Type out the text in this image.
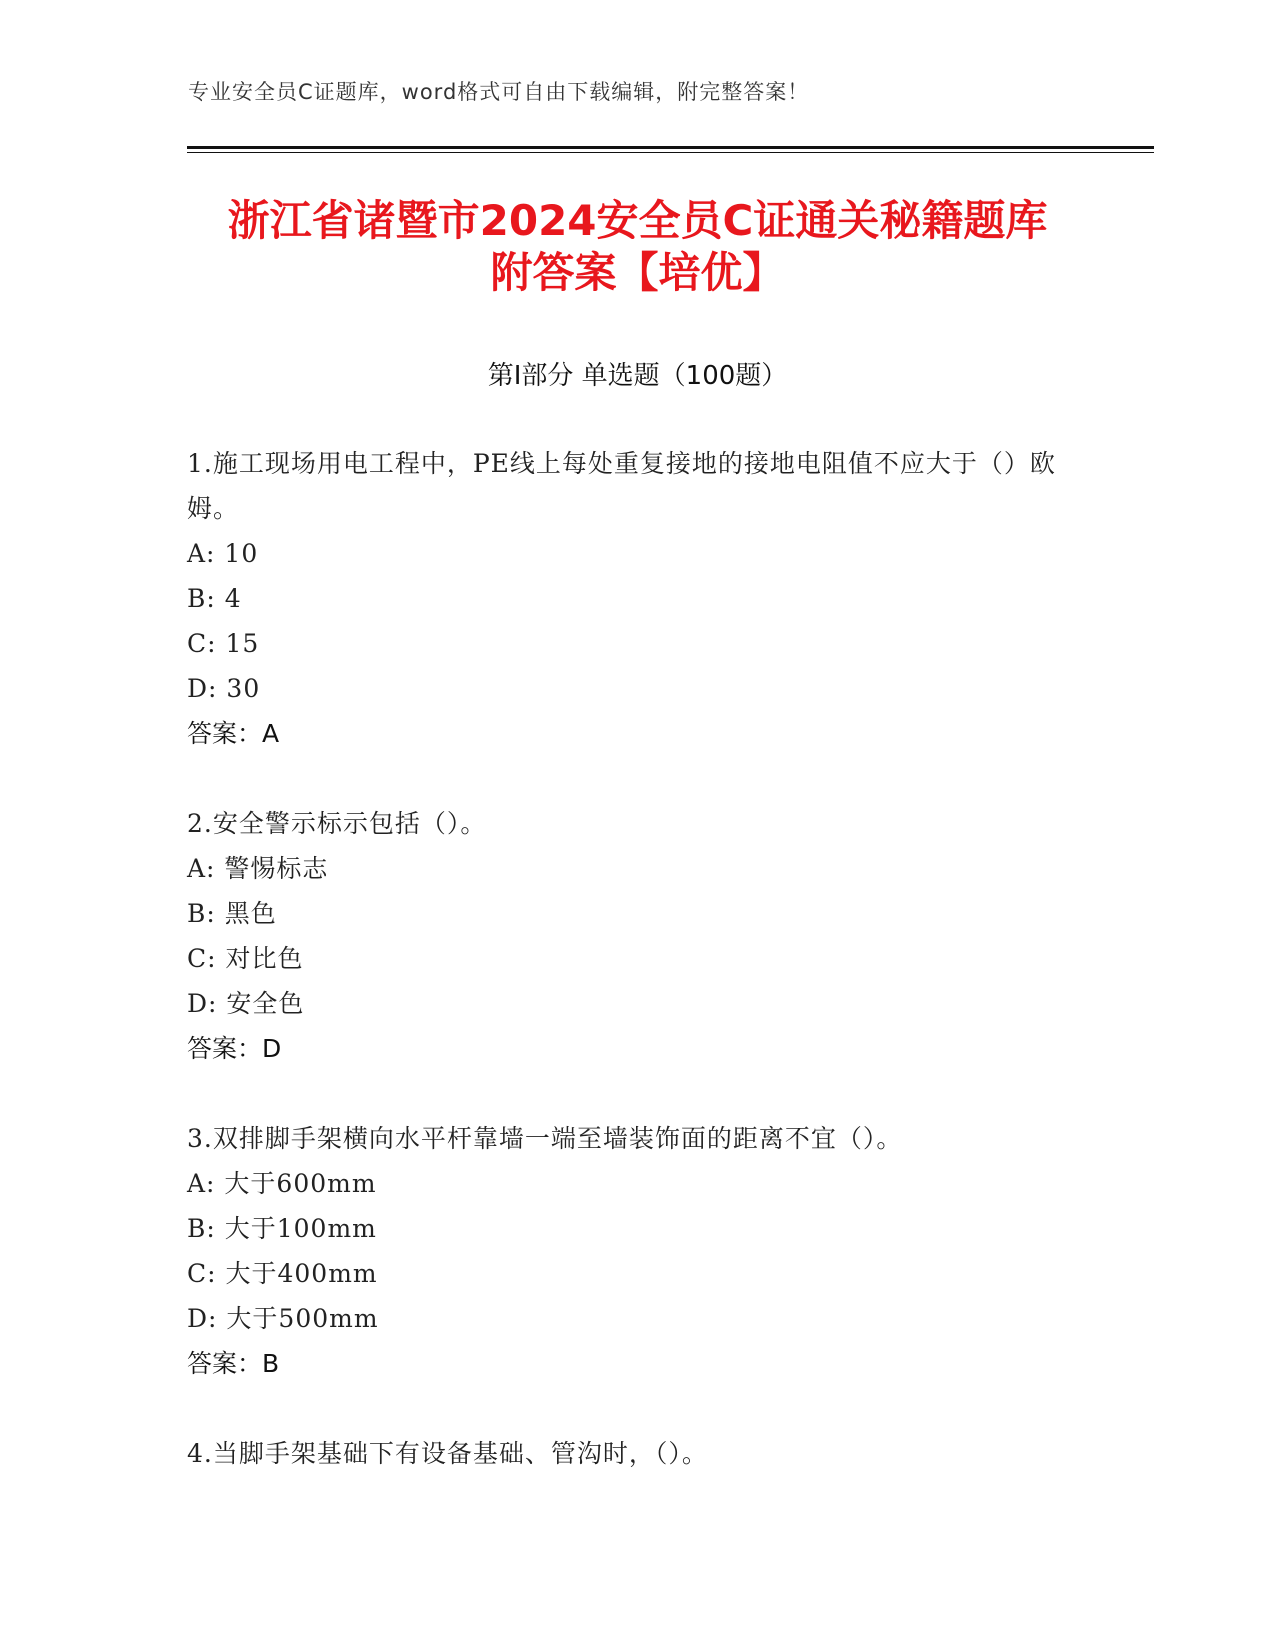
专业安全员C证题库，word格式可自由下载编辑，附完整答案！
浙江省诸暨市2024安全员C证通关秘籍题库
附答案【培优】
第Ⅰ部分 单选题（100题）
1.施工现场用电工程中，PE线上每处重复接地的接地电阻值不应大于（）欧姆。
A: 10
B: 4
C: 15
D: 30
答案：A
2.安全警示标示包括（）。
A: 警惕标志
B: 黑色
C: 对比色
D: 安全色
答案：D
3.双排脚手架横向水平杆靠墙一端至墙装饰面的距离不宜（）。
A: 大于600mm
B: 大于100mm
C: 大于400mm
D: 大于500mm
答案：B
4.当脚手架基础下有设备基础、管沟时，（）。
